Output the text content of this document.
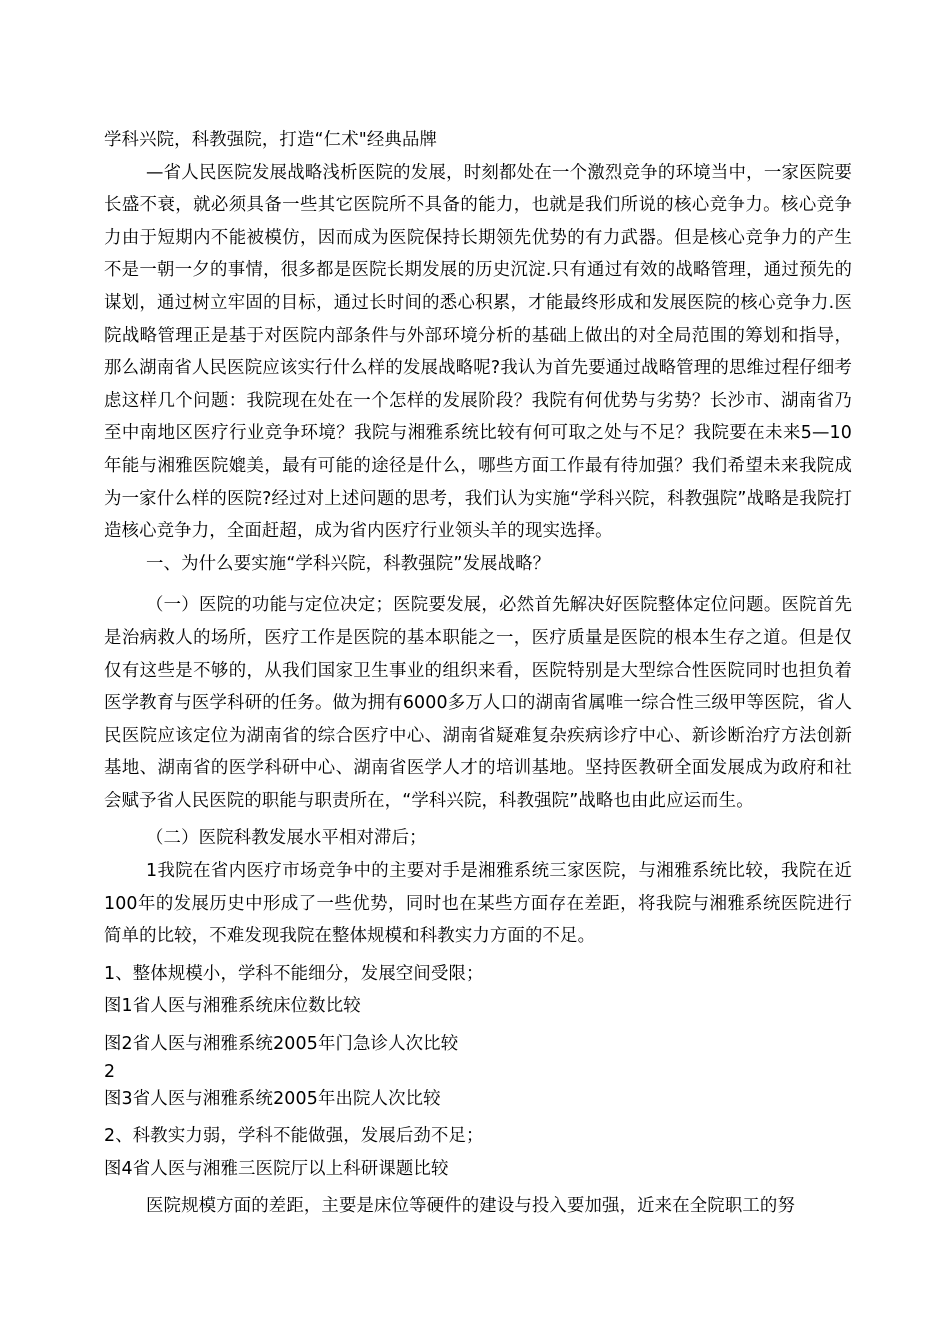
学科兴院，科教强院，打造“仁术"经典品牌

—省人民医院发展战略浅析医院的发展，时刻都处在一个激烈竞争的环境当中，一家医院要长盛不衰，就必须具备一些其它医院所不具备的能力，也就是我们所说的核心竞争力。核心竞争力由于短期内不能被模仿，因而成为医院保持长期领先优势的有力武器。但是核心竞争力的产生不是一朝一夕的事情，很多都是医院长期发展的历史沉淀.只有通过有效的战略管理，通过预先的谋划，通过树立牢固的目标，通过长时间的悉心积累，才能最终形成和发展医院的核心竞争力.医院战略管理正是基于对医院内部条件与外部环境分析的基础上做出的对全局范围的筹划和指导，那么湖南省人民医院应该实行什么样的发展战略呢?我认为首先要通过战略管理的思维过程仔细考虑这样几个问题：我院现在处在一个怎样的发展阶段？我院有何优势与劣势？长沙市、湖南省乃至中南地区医疗行业竞争环境？我院与湘雅系统比较有何可取之处与不足？我院要在未来5—10年能与湘雅医院媲美，最有可能的途径是什么，哪些方面工作最有待加强？我们希望未来我院成为一家什么样的医院?经过对上述问题的思考，我们认为实施“学科兴院，科教强院”战略是我院打造核心竞争力，全面赶超，成为省内医疗行业领头羊的现实选择。

一、为什么要实施“学科兴院，科教强院”发展战略？

（一）医院的功能与定位决定；医院要发展，必然首先解决好医院整体定位问题。医院首先是治病救人的场所，医疗工作是医院的基本职能之一，医疗质量是医院的根本生存之道。但是仅仅有这些是不够的，从我们国家卫生事业的组织来看，医院特别是大型综合性医院同时也担负着医学教育与医学科研的任务。做为拥有6000多万人口的湖南省属唯一综合性三级甲等医院，省人民医院应该定位为湖南省的综合医疗中心、湖南省疑难复杂疾病诊疗中心、新诊断治疗方法创新基地、湖南省的医学科研中心、湖南省医学人才的培训基地。坚持医教研全面发展成为政府和社会赋予省人民医院的职能与职责所在，“学科兴院，科教强院”战略也由此应运而生。

（二）医院科教发展水平相对滞后；

1我院在省内医疗市场竞争中的主要对手是湘雅系统三家医院，与湘雅系统比较，我院在近100年的发展历史中形成了一些优势，同时也在某些方面存在差距，将我院与湘雅系统医院进行简单的比较，不难发现我院在整体规模和科教实力方面的不足。

1、整体规模小，学科不能细分，发展空间受限；

图1省人医与湘雅系统床位数比较

图2省人医与湘雅系统2005年门急诊人次比较

2

图3省人医与湘雅系统2005年出院人次比较

2、科教实力弱，学科不能做强，发展后劲不足；

图4省人医与湘雅三医院厅以上科研课题比较

医院规模方面的差距，主要是床位等硬件的建设与投入要加强，近来在全院职工的努
